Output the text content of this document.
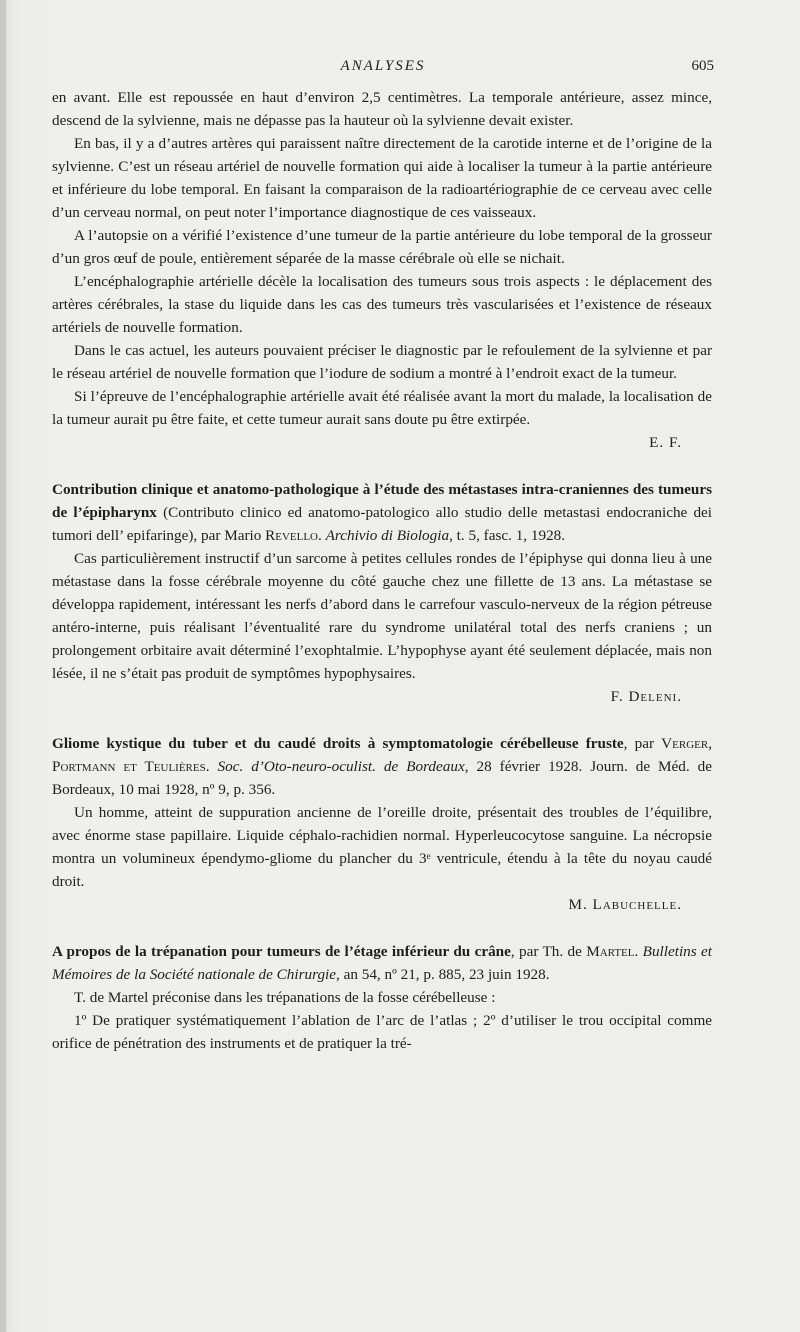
ANALYSES	605

en avant. Elle est repoussée en haut d’environ 2,5 centimètres. La temporale antérieure, assez mince, descend de la sylvienne, mais ne dépasse pas la hauteur où la sylvienne devait exister.

En bas, il y a d’autres artères qui paraissent naître directement de la carotide interne et de l’origine de la sylvienne. C’est un réseau artériel de nouvelle formation qui aide à localiser la tumeur à la partie antérieure et inférieure du lobe temporal. En faisant la comparaison de la radioartériographie de ce cerveau avec celle d’un cerveau normal, on peut noter l’importance diagnostique de ces vaisseaux.

A l’autopsie on a vérifié l’existence d’une tumeur de la partie antérieure du lobe temporal de la grosseur d’un gros œuf de poule, entièrement séparée de la masse cérébrale où elle se nichait.

L’encéphalographie artérielle décèle la localisation des tumeurs sous trois aspects : le déplacement des artères cérébrales, la stase du liquide dans les cas des tumeurs très vascularisées et l’existence de réseaux artériels de nouvelle formation.

Dans le cas actuel, les auteurs pouvaient préciser le diagnostic par le refoulement de la sylvienne et par le réseau artériel de nouvelle formation que l’iodure de sodium a montré à l’endroit exact de la tumeur.

Si l’épreuve de l’encéphalographie artérielle avait été réalisée avant la mort du malade, la localisation de la tumeur aurait pu être faite, et cette tumeur aurait sans doute pu être extirpée.

E. F.

Contribution clinique et anatomo-pathologique à l’étude des métastases intra-craniennes des tumeurs de l’épipharynx (Contributo clinico ed anatomo-patologico allo studio delle metastasi endocraniche dei tumori dell’ epifaringe), par Mario Revello. Archivio di Biologia, t. 5, fasc. 1, 1928.

Cas particulièrement instructif d’un sarcome à petites cellules rondes de l’épiphyse qui donna lieu à une métastase dans la fosse cérébrale moyenne du côté gauche chez une fillette de 13 ans. La métastase se développa rapidement, intéressant les nerfs d’abord dans le carrefour vasculo-nerveux de la région pétreuse antéro-interne, puis réalisant l’éventualité rare du syndrome unilatéral total des nerfs craniens ; un prolongement orbitaire avait déterminé l’exophtalmie. L’hypophyse ayant été seulement déplacée, mais non lésée, il ne s’était pas produit de symptômes hypophysaires.

F. Deleni.

Gliome kystique du tuber et du caudé droits à symptomatologie cérébelleuse fruste, par Verger, Portmann et Teulières. Soc. d’Oto-neuro-oculist. de Bordeaux, 28 février 1928. Journ. de Méd. de Bordeaux, 10 mai 1928, nº 9, p. 356.

Un homme, atteint de suppuration ancienne de l’oreille droite, présentait des troubles de l’équilibre, avec énorme stase papillaire. Liquide céphalo-rachidien normal. Hyperleucocytose sanguine. La nécropsie montra un volumineux épendymo-gliome du plancher du 3ᵉ ventricule, étendu à la tête du noyau caudé droit.

M. Labuchelle.

A propos de la trépanation pour tumeurs de l’étage inférieur du crâne, par Th. de Martel. Bulletins et Mémoires de la Société nationale de Chirurgie, an 54, nº 21, p. 885, 23 juin 1928.

T. de Martel préconise dans les trépanations de la fosse cérébelleuse :

1º De pratiquer systématiquement l’ablation de l’arc de l’atlas ; 2º d’utiliser le trou occipital comme orifice de pénétration des instruments et de pratiquer la tré-
